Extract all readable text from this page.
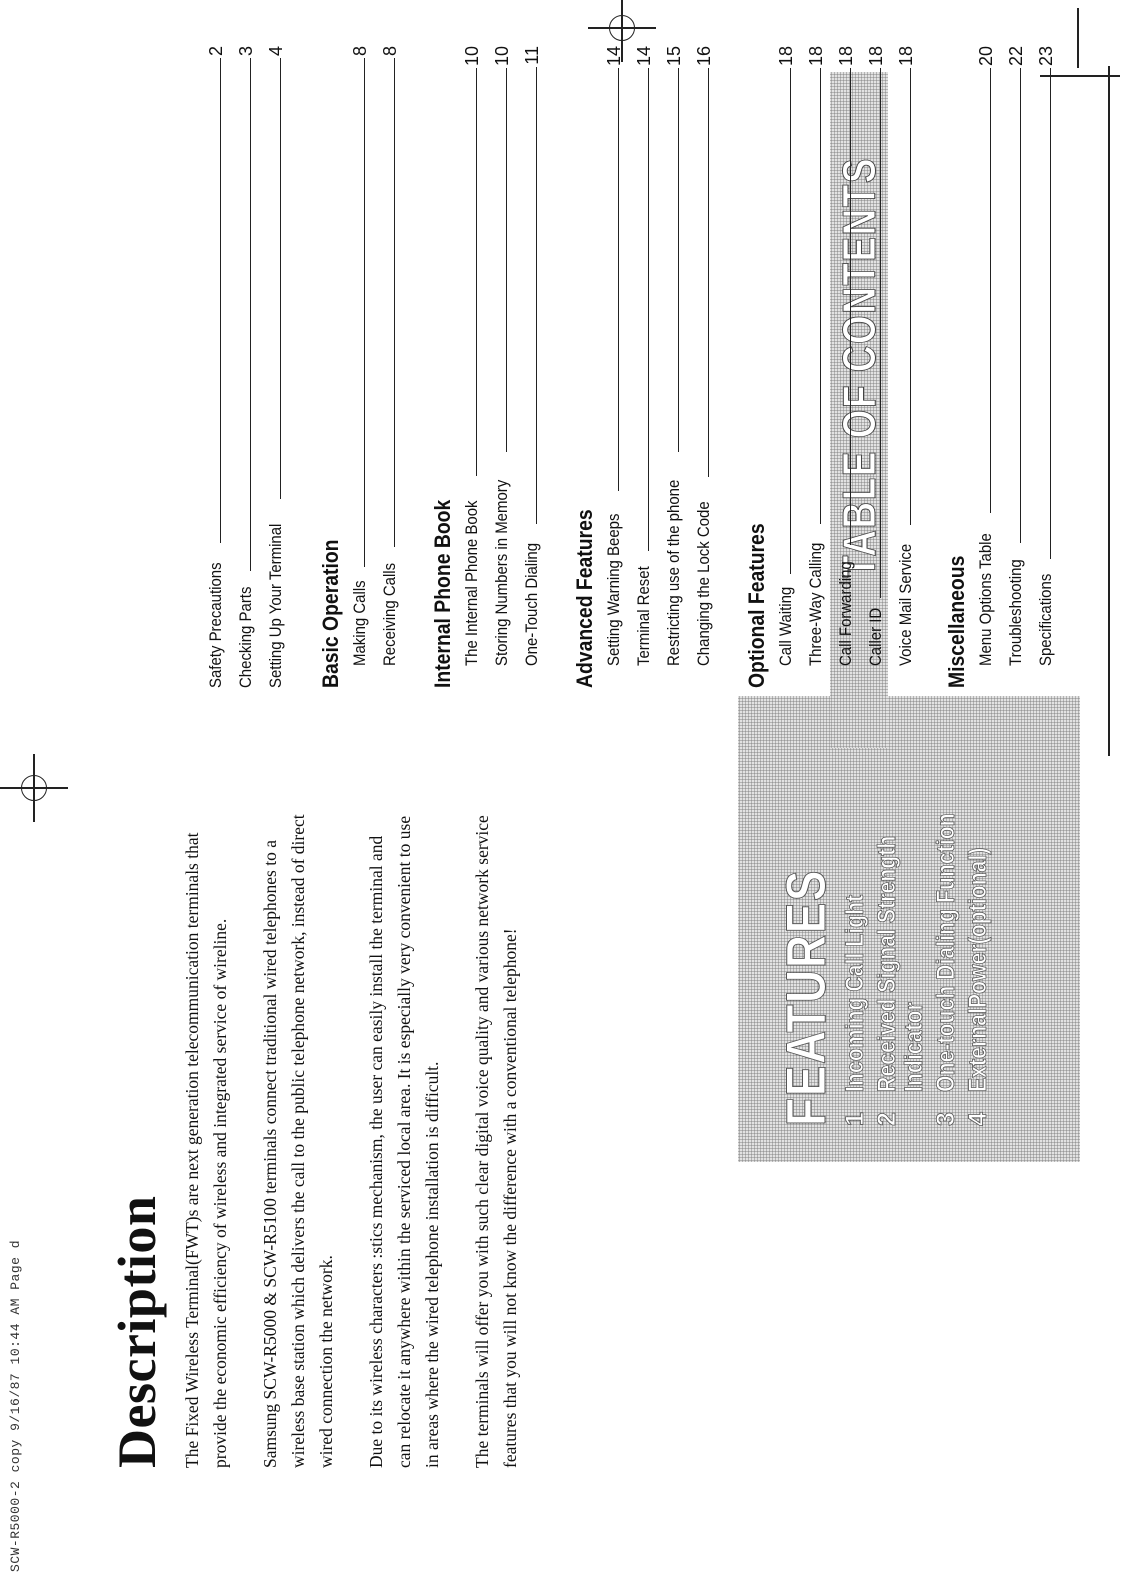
SCW-R5000-2 copy 9/16/87 10:44 AM Page d Description The Fixed Wireless Terminal(FWT)s are next generation telecommunication terminals that provide the economic efficiency of wireless and integrated service of wireline. Samsung SCW-R5000 & SCW-R5100 terminals connect traditional wired telephones to a wireless base station which delivers the call to the public telephone network, instead of direct wired connection the network. Due to its wireless characters :stics mechanism, the user can easily install the terminal and can relocate it anywhere within the serviced local area. It is especially very convenient to use in areas where the wired telephone installation is difficult. The terminals will offer you with such clear digital voice quality and various network service features that you will not know the difference with a conventional telephone!	FEATURES 1
Incoming Call Light
2
Received Signal Strength Indicator
3
One-touch Dialing Function
4
ExternalPower(optional)
TABLE OF CONTENTS
Safety Precautions
2
Checking Parts
3
Setting Up Your Terminal
4
Basic Operation Making Calls
8
Receiving Calls
8
Internal Phone Book The Internal Phone Book
10
Storing Numbers in Memory
10
One-Touch Dialing
11
Advanced Features Setting Warning Beeps
14
Terminal Reset
14
Restricting use of the phone
15
Changing the Lock Code
16
Optional Features Call Waiting
18
Three-Way Calling
18
Call Forwarding
18
Caller ID
18
Voice Mail Service
18
Miscellaneous Menu Options Table
20
Troubleshooting
22
Specifications
23
